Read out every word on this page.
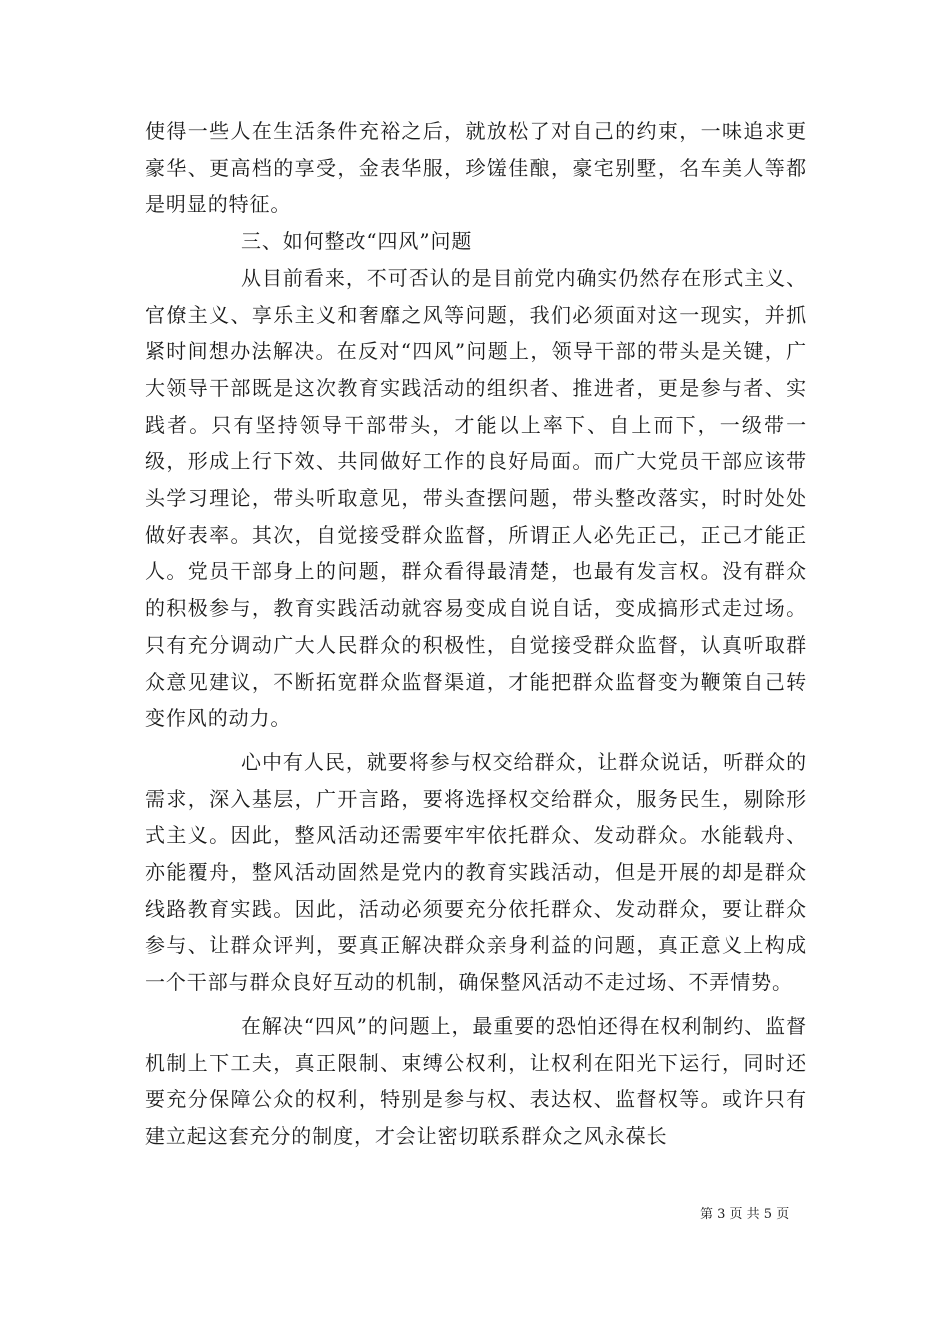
使得一些人在生活条件充裕之后，就放松了对自己的约束，一味追求更豪华、更高档的享受，金表华服，珍馐佳酿，豪宅别墅，名车美人等都是明显的特征。

三、如何整改“四风”问题

从目前看来，不可否认的是目前党内确实仍然存在形式主义、官僚主义、享乐主义和奢靡之风等问题，我们必须面对这一现实，并抓紧时间想办法解决。在反对“四风”问题上，领导干部的带头是关键，广大领导干部既是这次教育实践活动的组织者、推进者，更是参与者、实践者。只有坚持领导干部带头，才能以上率下、自上而下，一级带一级，形成上行下效、共同做好工作的良好局面。而广大党员干部应该带头学习理论，带头听取意见，带头查摆问题，带头整改落实，时时处处做好表率。其次，自觉接受群众监督，所谓正人必先正己，正己才能正人。党员干部身上的问题，群众看得最清楚，也最有发言权。没有群众的积极参与，教育实践活动就容易变成自说自话，变成搞形式走过场。只有充分调动广大人民群众的积极性，自觉接受群众监督，认真听取群众意见建议，不断拓宽群众监督渠道，才能把群众监督变为鞭策自己转变作风的动力。

心中有人民，就要将参与权交给群众，让群众说话，听群众的需求，深入基层，广开言路，要将选择权交给群众，服务民生，剔除形式主义。因此，整风活动还需要牢牢依托群众、发动群众。水能载舟、亦能覆舟，整风活动固然是党内的教育实践活动，但是开展的却是群众线路教育实践。因此，活动必须要充分依托群众、发动群众，要让群众参与、让群众评判，要真正解决群众亲身利益的问题，真正意义上构成一个干部与群众良好互动的机制，确保整风活动不走过场、不弄情势。

在解决“四风”的问题上，最重要的恐怕还得在权利制约、监督机制上下工夫，真正限制、束缚公权利，让权利在阳光下运行，同时还要充分保障公众的权利，特别是参与权、表达权、监督权等。或许只有建立起这套充分的制度，才会让密切联系群众之风永葆长

第 3 页 共 5 页
